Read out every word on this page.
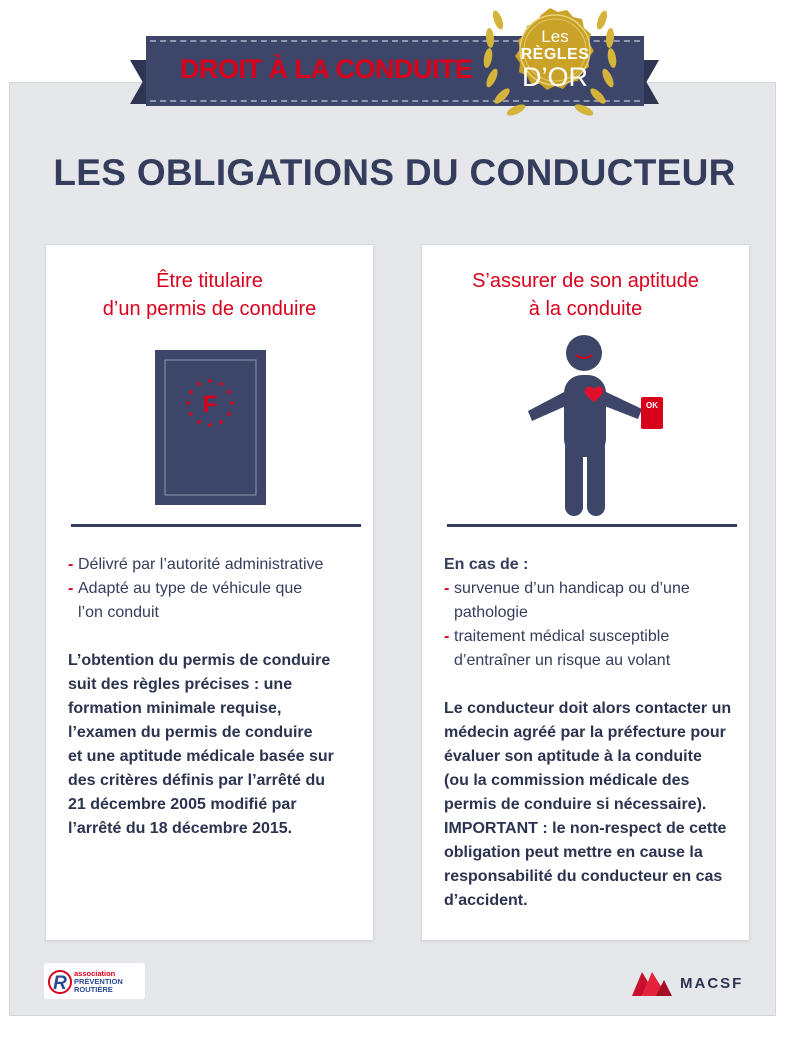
DROIT À LA CONDUITE
Les
RÈGLES
D’OR
LES OBLIGATIONS DU CONDUCTEUR
Être titulaire
d’un permis de conduire
F
- Délivré par l’autorité administrative
- Adapté au type de véhicule que
l’on conduit
L’obtention du permis de conduire
suit des règles précises : une
formation minimale requise,
l’examen du permis de conduire
et une aptitude médicale basée sur
des critères définis par l’arrêté du
21 décembre 2005 modifié par
l’arrêté du 18 décembre 2015.
S’assurer de son aptitude
à la conduite
OK
En cas de :
- survenue d’un handicap ou d’une
pathologie
- traitement médical susceptible
d’entraîner un risque au volant
Le conducteur doit alors contacter un
médecin agréé par la préfecture pour
évaluer son aptitude à la conduite
(ou la commission médicale des
permis de conduire si nécessaire).
IMPORTANT : le non-respect de cette
obligation peut mettre en cause la
responsabilité du conducteur en cas
d’accident.
R association
PRÉVENTION
ROUTIÈRE	MACSF
